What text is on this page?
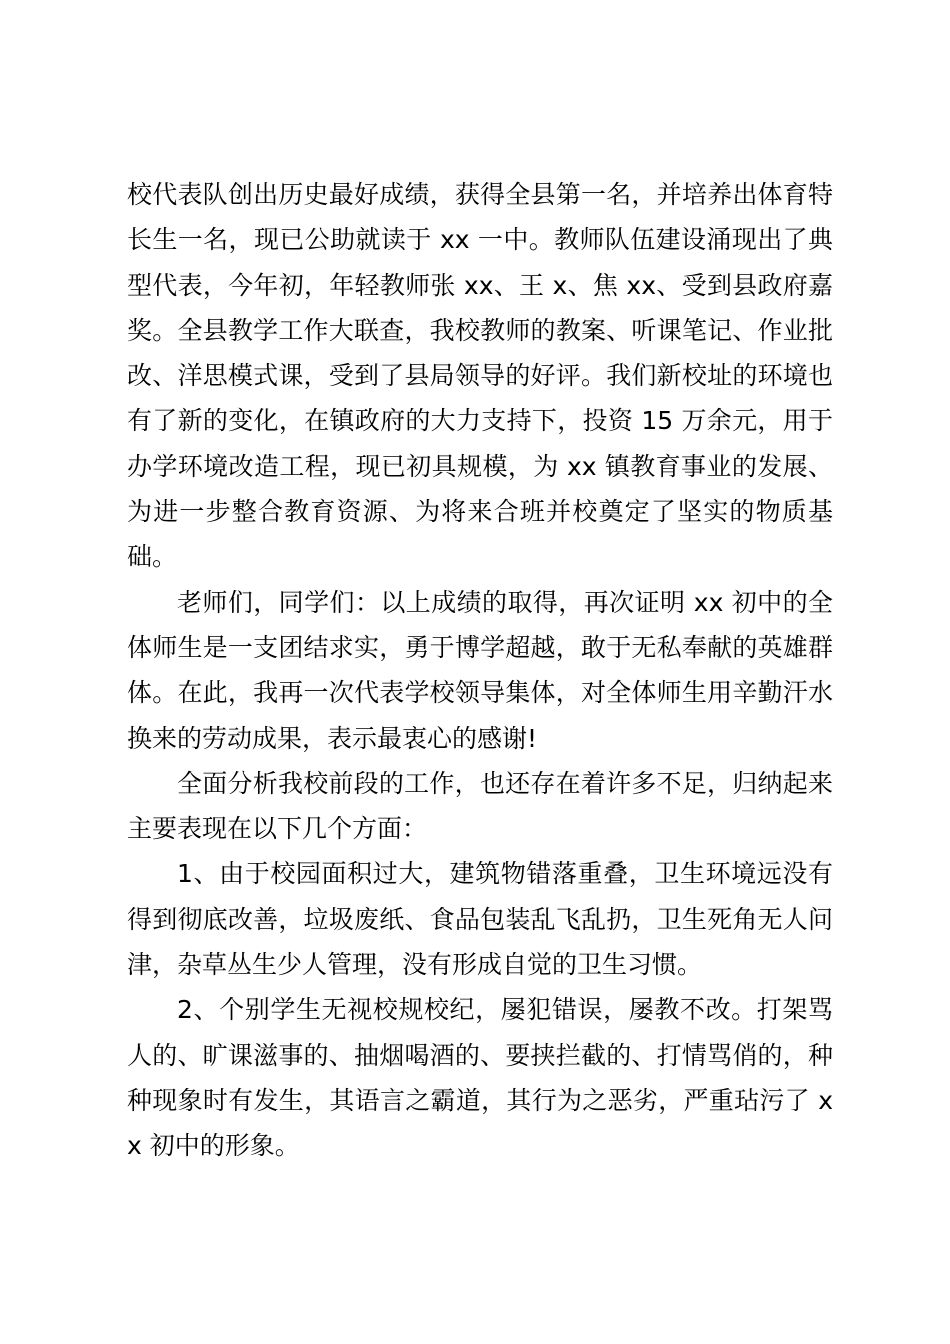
校代表队创出历史最好成绩，获得全县第一名，并培养出体育特长生一名，现已公助就读于 xx 一中。教师队伍建设涌现出了典型代表，今年初，年轻教师张 xx、王 x、焦 xx、受到县政府嘉奖。全县教学工作大联查，我校教师的教案、听课笔记、作业批改、洋思模式课，受到了县局领导的好评。我们新校址的环境也有了新的变化，在镇政府的大力支持下，投资 15 万余元，用于办学环境改造工程，现已初具规模，为 xx 镇教育事业的发展、为进一步整合教育资源、为将来合班并校奠定了坚实的物质基础。

老师们，同学们：以上成绩的取得，再次证明 xx 初中的全体师生是一支团结求实，勇于博学超越，敢于无私奉献的英雄群体。在此，我再一次代表学校领导集体，对全体师生用辛勤汗水换来的劳动成果，表示最衷心的感谢!

全面分析我校前段的工作，也还存在着许多不足，归纳起来主要表现在以下几个方面：

1、由于校园面积过大，建筑物错落重叠，卫生环境远没有得到彻底改善，垃圾废纸、食品包装乱飞乱扔，卫生死角无人问津，杂草丛生少人管理，没有形成自觉的卫生习惯。

2、个别学生无视校规校纪，屡犯错误，屡教不改。打架骂人的、旷课滋事的、抽烟喝酒的、要挟拦截的、打情骂俏的，种种现象时有发生，其语言之霸道，其行为之恶劣，严重玷污了 xx 初中的形象。
